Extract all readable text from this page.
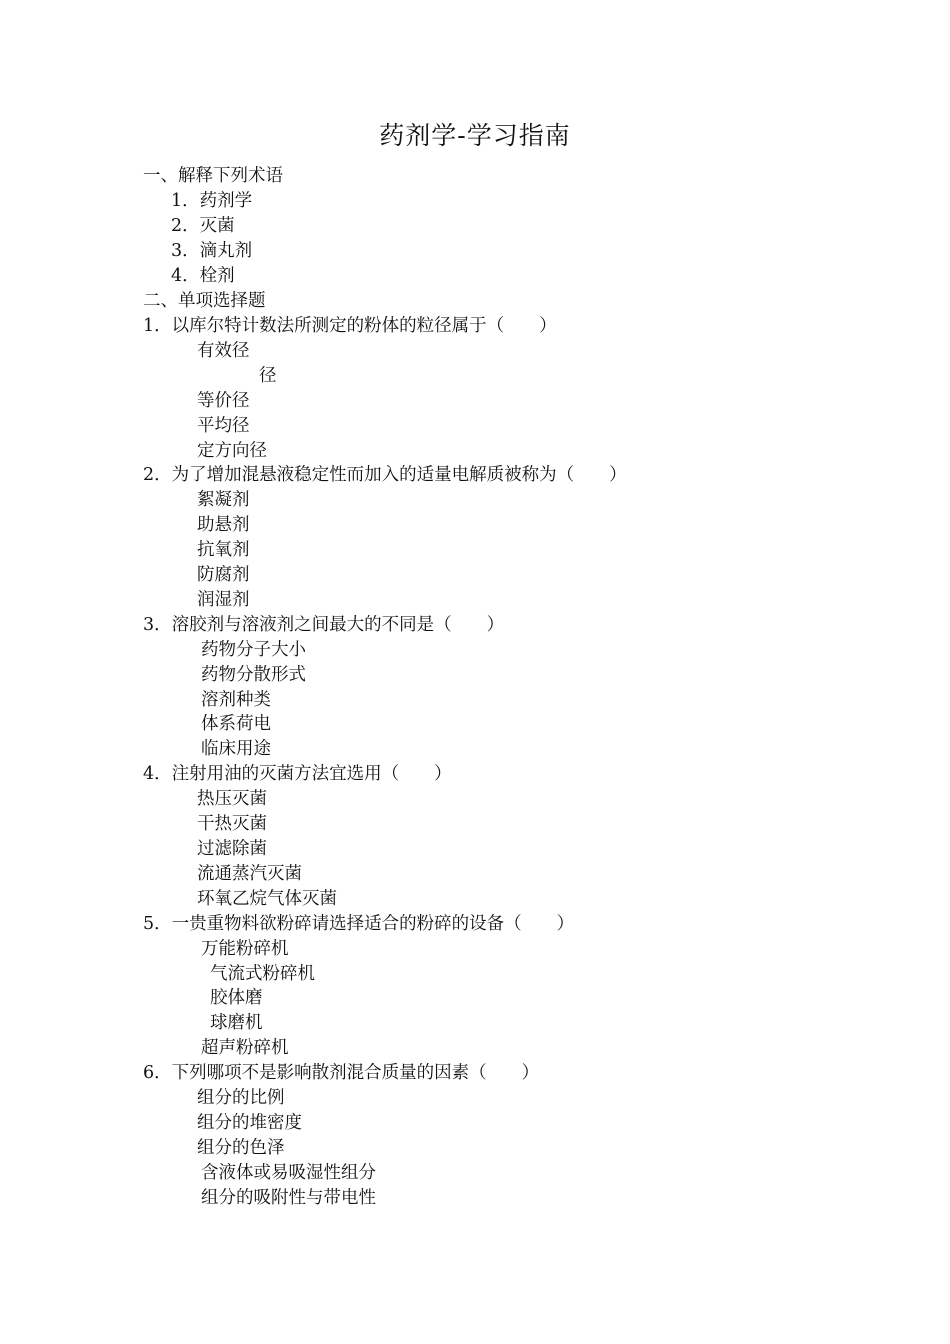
药剂学-学习指南
一、解释下列术语
1．药剂学
2．灭菌
3．滴丸剂
4．栓剂
二、单项选择题
1．以库尔特计数法所测定的粉体的粒径属于（　　）
有效径
径
等价径
平均径
定方向径
2．为了增加混悬液稳定性而加入的适量电解质被称为（　　）
絮凝剂
助悬剂
抗氧剂
防腐剂
润湿剂
3．溶胶剂与溶液剂之间最大的不同是（　　）
药物分子大小
药物分散形式
溶剂种类
体系荷电
临床用途
4．注射用油的灭菌方法宜选用（　　）
热压灭菌
干热灭菌
过滤除菌
流通蒸汽灭菌
环氧乙烷气体灭菌
5．一贵重物料欲粉碎请选择适合的粉碎的设备（　　）
万能粉碎机
气流式粉碎机
胶体磨
球磨机
超声粉碎机
6．下列哪项不是影响散剂混合质量的因素（　　）
组分的比例
组分的堆密度
组分的色泽
含液体或易吸湿性组分
组分的吸附性与带电性
